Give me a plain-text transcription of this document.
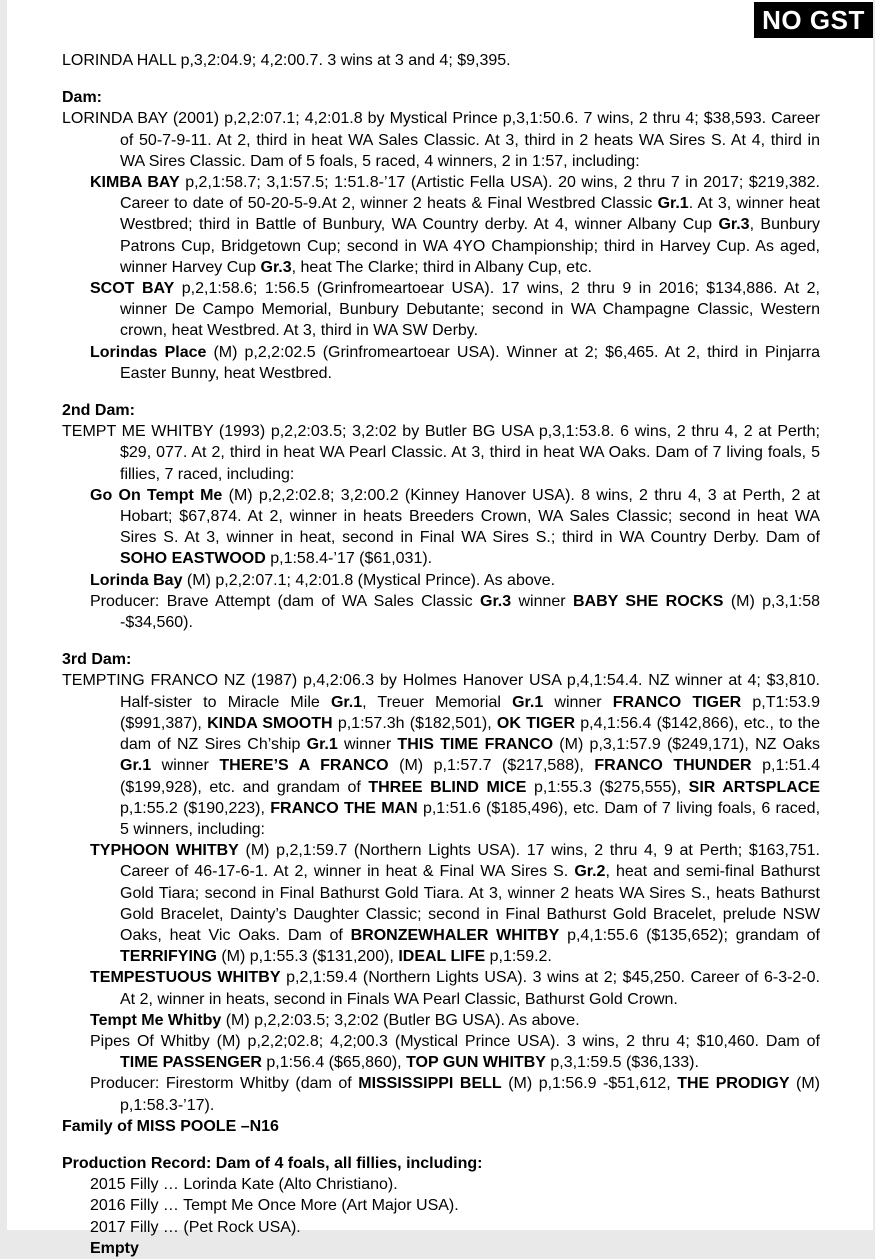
NO GST
LORINDA HALL p,3,2:04.9; 4,2:00.7. 3 wins at 3 and 4; $9,395.
Dam:
LORINDA BAY (2001) p,2,2:07.1; 4,2:01.8 by Mystical Prince p,3,1:50.6. 7 wins, 2 thru 4; $38,593. Career of 50-7-9-11. At 2, third in heat WA Sales Classic. At 3, third in 2 heats WA Sires S. At 4, third in WA Sires Classic. Dam of 5 foals, 5 raced, 4 winners, 2 in 1:57, including:
KIMBA BAY p,2,1:58.7; 3,1:57.5; 1:51.8-’17 (Artistic Fella USA). 20 wins, 2 thru 7 in 2017; $219,382. Career to date of 50-20-5-9.At 2, winner 2 heats & Final Westbred Classic Gr.1. At 3, winner heat Westbred; third in Battle of Bunbury, WA Country derby. At 4, winner Albany Cup Gr.3, Bunbury Patrons Cup, Bridgetown Cup; second in WA 4YO Championship; third in Harvey Cup. As aged, winner Harvey Cup Gr.3, heat The Clarke; third in Albany Cup, etc.
SCOT BAY p,2,1:58.6; 1:56.5 (Grinfromeartoear USA). 17 wins, 2 thru 9 in 2016; $134,886. At 2, winner De Campo Memorial, Bunbury Debutante; second in WA Champagne Classic, Western crown, heat Westbred. At 3, third in WA SW Derby.
Lorindas Place (M) p,2,2:02.5 (Grinfromeartoear USA). Winner at 2; $6,465. At 2, third in Pinjarra Easter Bunny, heat Westbred.
2nd Dam:
TEMPT ME WHITBY (1993) p,2,2:03.5; 3,2:02 by Butler BG USA p,3,1:53.8. 6 wins, 2 thru 4, 2 at Perth; $29, 077. At 2, third in heat WA Pearl Classic. At 3, third in heat WA Oaks. Dam of 7 living foals, 5 fillies, 7 raced, including:
Go On Tempt Me (M) p,2,2:02.8; 3,2:00.2 (Kinney Hanover USA). 8 wins, 2 thru 4, 3 at Perth, 2 at Hobart; $67,874. At 2, winner in heats Breeders Crown, WA Sales Classic; second in heat WA Sires S. At 3, winner in heat, second in Final WA Sires S.; third in WA Country Derby. Dam of SOHO EASTWOOD p,1:58.4-’17 ($61,031).
Lorinda Bay (M) p,2,2:07.1; 4,2:01.8 (Mystical Prince). As above.
Producer: Brave Attempt (dam of WA Sales Classic Gr.3 winner BABY SHE ROCKS (M) p,3,1:58 -$34,560).
3rd Dam:
TEMPTING FRANCO NZ (1987) p,4,2:06.3 by Holmes Hanover USA p,4,1:54.4. NZ winner at 4; $3,810. Half-sister to Miracle Mile Gr.1, Treuer Memorial Gr.1 winner FRANCO TIGER p,T1:53.9 ($991,387), KINDA SMOOTH p,1:57.3h ($182,501), OK TIGER p,4,1:56.4 ($142,866), etc., to the dam of NZ Sires Ch’ship Gr.1 winner THIS TIME FRANCO (M) p,3,1:57.9 ($249,171), NZ Oaks Gr.1 winner THERE’S A FRANCO (M) p,1:57.7 ($217,588), FRANCO THUNDER p,1:51.4 ($199,928), etc. and grandam of THREE BLIND MICE p,1:55.3 ($275,555), SIR ARTSPLACE p,1:55.2 ($190,223), FRANCO THE MAN p,1:51.6 ($185,496), etc. Dam of 7 living foals, 6 raced, 5 winners, including:
TYPHOON WHITBY (M) p,2,1:59.7 (Northern Lights USA). 17 wins, 2 thru 4, 9 at Perth; $163,751. Career of 46-17-6-1. At 2, winner in heat & Final WA Sires S. Gr.2, heat and semi-final Bathurst Gold Tiara; second in Final Bathurst Gold Tiara. At 3, winner 2 heats WA Sires S., heats Bathurst Gold Bracelet, Dainty’s Daughter Classic; second in Final Bathurst Gold Bracelet, prelude NSW Oaks, heat Vic Oaks. Dam of BRONZEWHALER WHITBY p,4,1:55.6 ($135,652); grandam of TERRIFYING (M) p,1:55.3 ($131,200), IDEAL LIFE p,1:59.2.
TEMPESTUOUS WHITBY p,2,1:59.4 (Northern Lights USA). 3 wins at 2; $45,250. Career of 6-3-2-0. At 2, winner in heats, second in Finals WA Pearl Classic, Bathurst Gold Crown.
Tempt Me Whitby (M) p,2,2:03.5; 3,2:02 (Butler BG USA). As above.
Pipes Of Whitby (M) p,2,2;02.8; 4,2;00.3 (Mystical Prince USA). 3 wins, 2 thru 4; $10,460. Dam of TIME PASSENGER p,1:56.4 ($65,860), TOP GUN WHITBY p,3,1:59.5 ($36,133).
Producer: Firestorm Whitby (dam of MISSISSIPPI BELL (M) p,1:56.9 -$51,612, THE PRODIGY (M) p,1:58.3-’17).
Family of MISS POOLE –N16
Production Record: Dam of 4 foals, all fillies, including:
2015 Filly … Lorinda Kate (Alto Christiano).
2016 Filly … Tempt Me Once More (Art Major USA).
2017 Filly … (Pet Rock USA).
Empty
